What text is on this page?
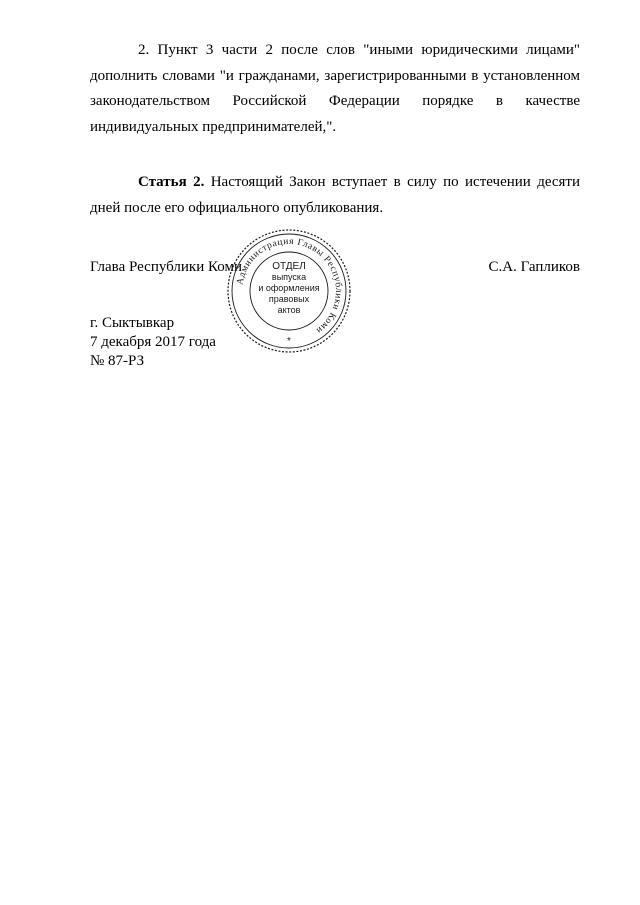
2. Пункт 3 части 2 после слов "иными юридическими лицами"
дополнить словами "и гражданами, зарегистрированными в установленном
законодательством Российской Федерации порядке в качестве
индивидуальных предпринимателей,".
Статья 2. Настоящий Закон вступает в силу по истечении десяти
дней после его официального опубликования.
Глава Республики Коми	С.А. Гапликов
г. Сыктывкар
7 декабря 2017 года
№ 87-РЗ
Администрация Главы Республики Коми
ОТДЕЛ
выпуска
и оформления
правовых
актов
*
